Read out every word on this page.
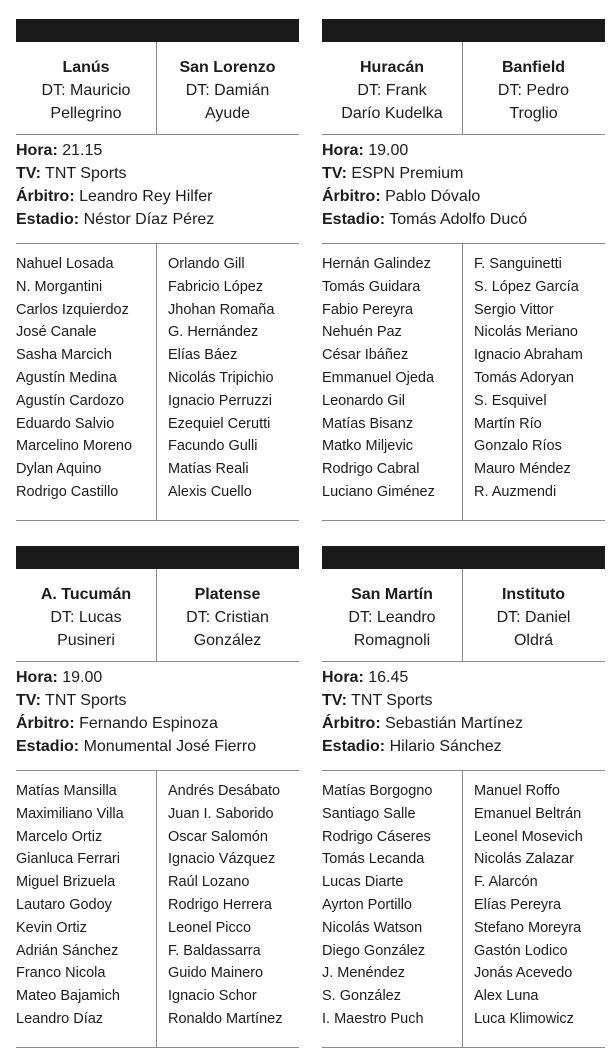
Lanús
DT: Mauricio
Pellegrino
San Lorenzo
DT: Damián
Ayude
Hora: 21.15
TV: TNT Sports
Árbitro: Leandro Rey Hilfer
Estadio: Néstor Díaz Pérez
Nahuel Losada
N. Morgantini
Carlos Izquierdoz
José Canale
Sasha Marcich
Agustín Medina
Agustín Cardozo
Eduardo Salvio
Marcelino Moreno
Dylan Aquino
Rodrigo Castillo
Orlando Gill
Fabricio López
Jhohan Romaña
G. Hernández
Elías Báez
Nicolás Tripichio
Ignacio Perruzzi
Ezequiel Cerutti
Facundo Gulli
Matías Reali
Alexis Cuello
Huracán
DT: Frank
Darío Kudelka
Banfield
DT: Pedro
Troglio
Hora: 19.00
TV: ESPN Premium
Árbitro: Pablo Dóvalo
Estadio: Tomás Adolfo Ducó
Hernán Galindez
Tomás Guidara
Fabio Pereyra
Nehuén Paz
César Ibáñez
Emmanuel Ojeda
Leonardo Gil
Matías Bisanz
Matko Miljevic
Rodrigo Cabral
Luciano Giménez
F. Sanguinetti
S. López García
Sergio Vittor
Nicolás Meriano
Ignacio Abraham
Tomás Adoryan
S. Esquivel
Martín Río
Gonzalo Ríos
Mauro Méndez
R. Auzmendi
A. Tucumán
DT: Lucas
Pusineri
Platense
DT: Cristian
González
Hora: 19.00
TV: TNT Sports
Árbitro: Fernando Espinoza
Estadio: Monumental José Fierro
Matías Mansilla
Maximiliano Villa
Marcelo Ortiz
Gianluca Ferrari
Miguel Brizuela
Lautaro Godoy
Kevin Ortiz
Adrián Sánchez
Franco Nicola
Mateo Bajamich
Leandro Díaz
Andrés Desábato
Juan I. Saborido
Oscar Salomón
Ignacio Vázquez
Raúl Lozano
Rodrigo Herrera
Leonel Picco
F. Baldassarra
Guido Mainero
Ignacio Schor
Ronaldo Martínez
San Martín
DT: Leandro
Romagnoli
Instituto
DT: Daniel
Oldrá
Hora: 16.45
TV: TNT Sports
Árbitro: Sebastián Martínez
Estadio: Hilario Sánchez
Matías Borgogno
Santiago Salle
Rodrigo Cáseres
Tomás Lecanda
Lucas Diarte
Ayrton Portillo
Nicolás Watson
Diego González
J. Menéndez
S. González
I. Maestro Puch
Manuel Roffo
Emanuel Beltrán
Leonel Mosevich
Nicolás Zalazar
F. Alarcón
Elías Pereyra
Stefano Moreyra
Gastón Lodico
Jonás Acevedo
Alex Luna
Luca Klimowicz
